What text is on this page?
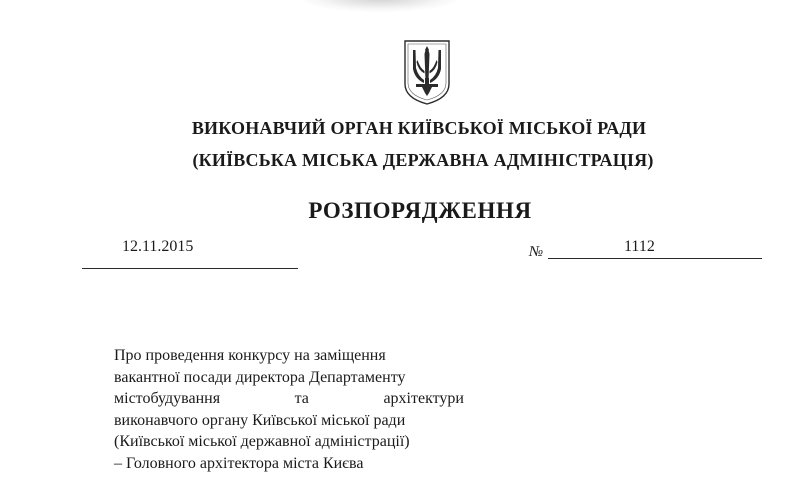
ВИКОНАВЧИЙ ОРГАН КИЇВСЬКОЇ МІСЬКОЇ РАДИ
(КИЇВСЬКА МІСЬКА ДЕРЖАВНА АДМІНІСТРАЦІЯ)
РОЗПОРЯДЖЕННЯ
12.11.2015	№	1112
Про проведення конкурсу на заміщення
вакантної посади директора Департаменту
містобудування та архітектури
виконавчого органу Київської міської ради
(Київської міської державної адміністрації)
– Головного архітектора міста Києва
